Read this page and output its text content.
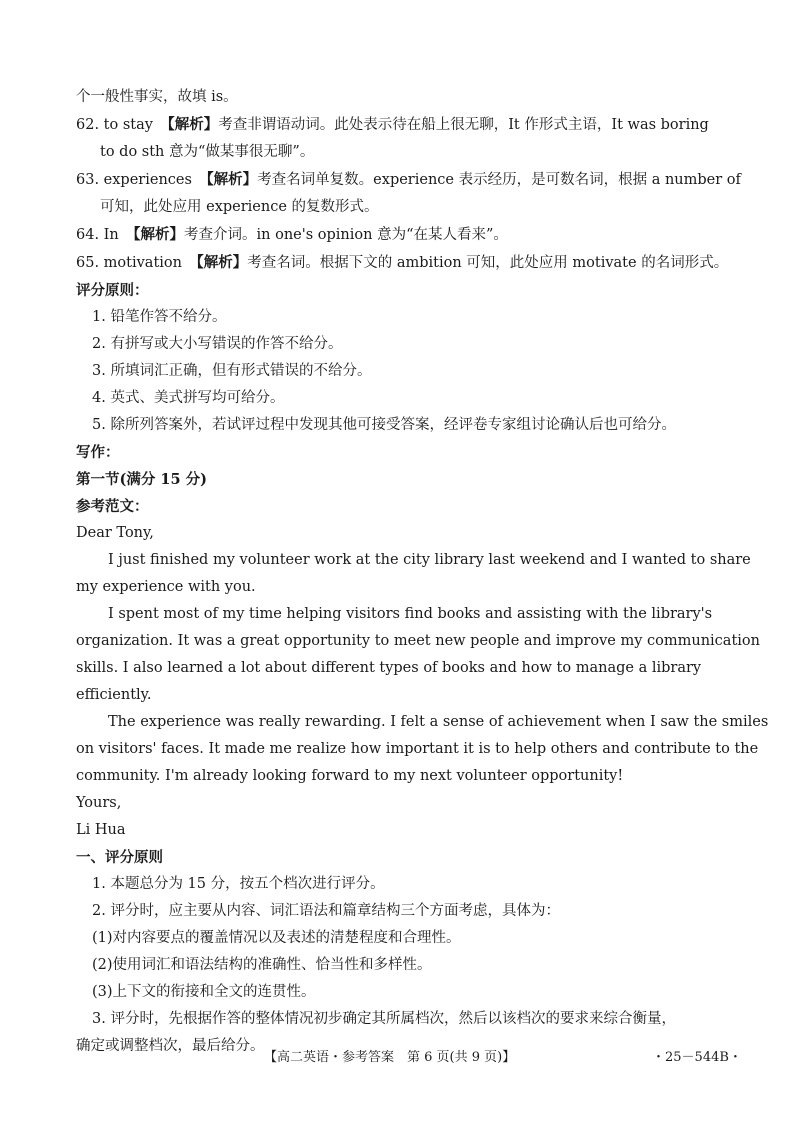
个一般性事实，故填 is。

62. to stay　 【解析】考查非谓语动词。此处表示待在船上很无聊，It 作形式主语，It was boring

to do sth 意为“做某事很无聊”。

63. experiences　 【解析】考查名词单复数。experience 表示经历，是可数名词，根据 a number of

可知，此处应用 experience 的复数形式。

64. In　 【解析】考查介词。in one's opinion 意为“在某人看来”。

65. motivation　 【解析】考查名词。根据下文的 ambition 可知，此处应用 motivate 的名词形式。

评分原则：

1. 铅笔作答不给分。

2. 有拼写或大小写错误的作答不给分。

3. 所填词汇正确，但有形式错误的不给分。

4. 英式、美式拼写均可给分。

5. 除所列答案外，若试评过程中发现其他可接受答案，经评卷专家组讨论确认后也可给分。

写作：

第一节(满分 15 分)

参考范文：

Dear Tony,

I just finished my volunteer work at the city library last weekend and I wanted to share

my experience with you.

I spent most of my time helping visitors find books and assisting with the library's

organization. It was a great opportunity to meet new people and improve my communication

skills. I also learned a lot about different types of books and how to manage a library

efficiently.

The experience was really rewarding. I felt a sense of achievement when I saw the smiles

on visitors' faces. It made me realize how important it is to help others and contribute to the

community. I'm already looking forward to my next volunteer opportunity!

Yours,

Li Hua

一、评分原则

1. 本题总分为 15 分，按五个档次进行评分。

2. 评分时，应主要从内容、词汇语法和篇章结构三个方面考虑，具体为：

(1)对内容要点的覆盖情况以及表述的清楚程度和合理性。

(2)使用词汇和语法结构的准确性、恰当性和多样性。

(3)上下文的衔接和全文的连贯性。

3. 评分时，先根据作答的整体情况初步确定其所属档次，然后以该档次的要求来综合衡量，

确定或调整档次，最后给分。

【高二英语・参考答案　第 6 页(共 9 页)】	・25－544B・
